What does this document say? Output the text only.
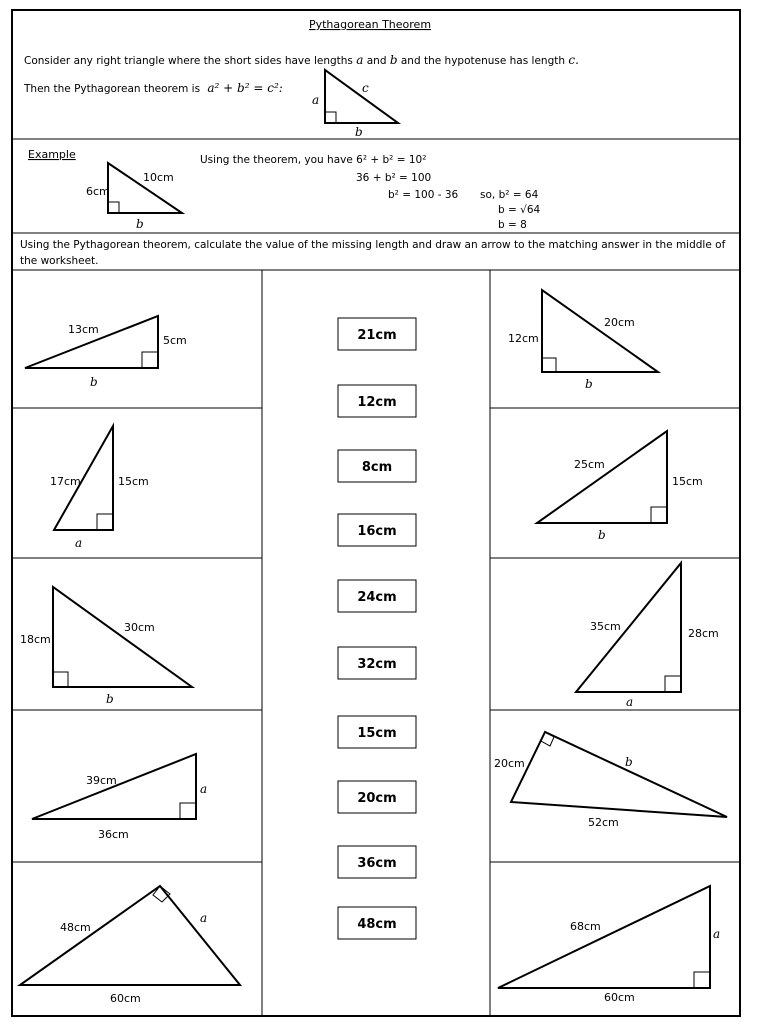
Pythagorean Theorem
Consider any right triangle where the short sides have lengths a and b and the hypotenuse has length c.
Then the Pythagorean theorem is a² + b² = c²:
a
c
b
Example
6cm
10cm
b
Using the theorem, you have 6² + b² = 10²
36 + b² = 100
b² = 100 - 36 so, b² = 64
b = √64
b = 8
Using the Pythagorean theorem, calculate the value of the missing length and draw an arrow to the matching answer in the middle of
the worksheet.
13cm
5cm
b
17cm	15cm
a
30cm
18cm
b
39cm
a
36cm
60cm
48cm
a
21cm
12cm
8cm
16cm
24cm
32cm
15cm
20cm
36cm
48cm
20cm
12cm
b
25cm
15cm
b
35cm
28cm
a
20cm	b
52cm
68cm
a
60cm
